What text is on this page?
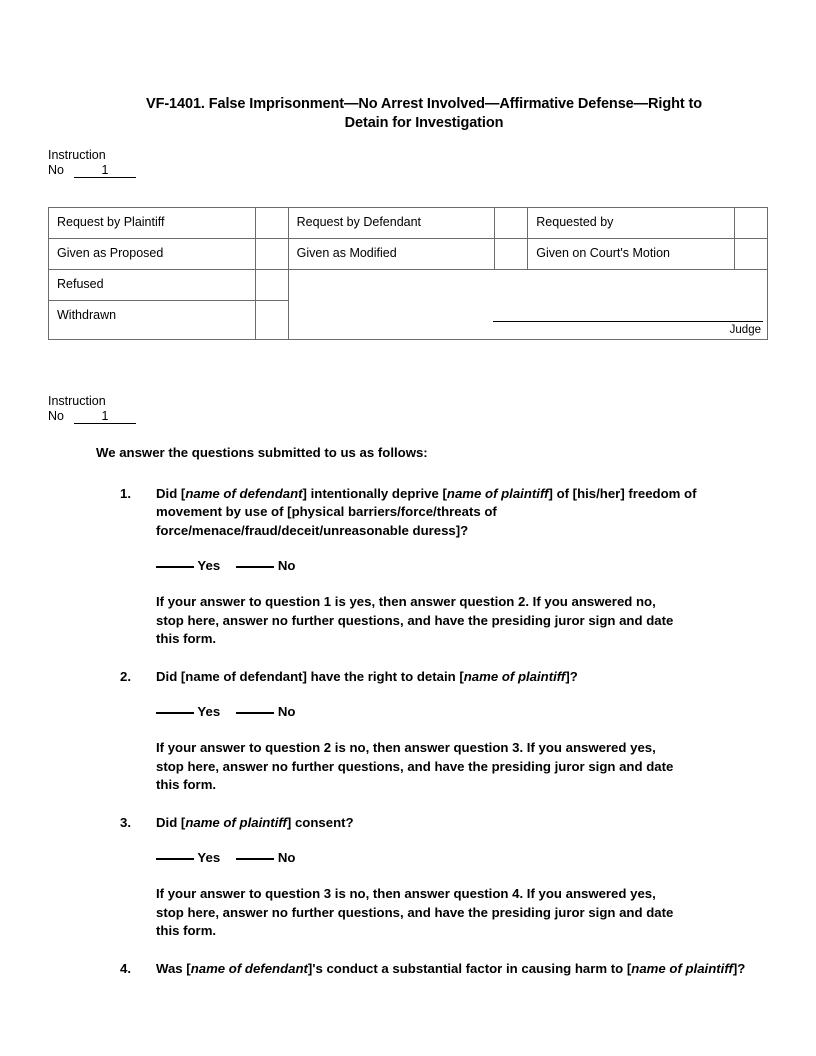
VF-1401. False Imprisonment—No Arrest Involved—Affirmative Defense—Right to Detain for Investigation
Instruction
No	1
Request by Plaintiff		Request by Defendant		Requested by	
Given as Proposed		Given as Modified		Given on Court's Motion	
Refused		Judge			

Withdrawn					
Instruction
No	1

We answer the questions submitted to us as follows:

1. Did [name of defendant] intentionally deprive [name of plaintiff] of [his/her] freedom of movement by use of [physical barriers/force/threats of force/menace/fraud/deceit/unreasonable duress]?

Yes	No

If your answer to question 1 is yes, then answer question 2. If you answered no, stop here, answer no further questions, and have the presiding juror sign and date this form.

2. Did [name of defendant] have the right to detain [name of plaintiff]?

Yes	No

If your answer to question 2 is no, then answer question 3. If you answered yes, stop here, answer no further questions, and have the presiding juror sign and date this form.

3. Did [name of plaintiff] consent?

Yes	No

If your answer to question 3 is no, then answer question 4. If you answered yes, stop here, answer no further questions, and have the presiding juror sign and date this form.

4. Was [name of defendant]'s conduct a substantial factor in causing harm to [name of plaintiff]?
